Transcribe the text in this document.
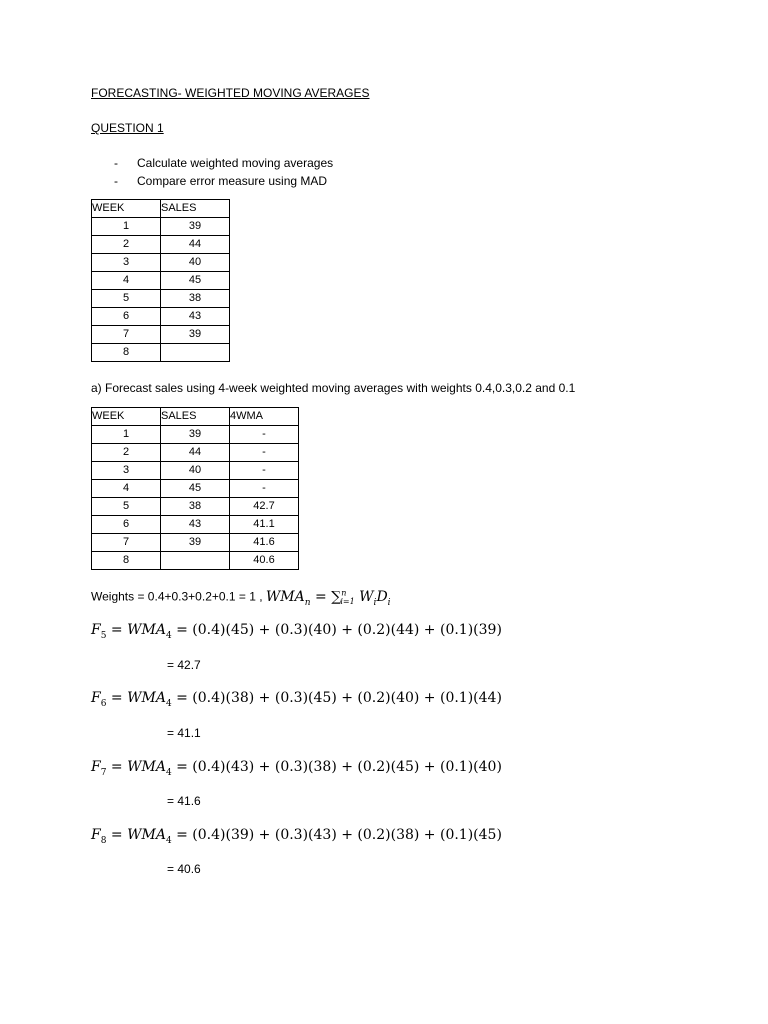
FORECASTING- WEIGHTED MOVING AVERAGES
QUESTION 1
- Calculate weighted moving averages
- Compare error measure using MAD
WEEK	SALES
1	39
2	44
3	40
4	45
5	38
6	43
7	39
8	
a) Forecast sales using 4-week weighted moving averages with weights 0.4,0.3,0.2 and 0.1
WEEK	SALES	4WMA
1	39	-
2	44	-
3	40	-
4	45	-
5	38	42.7
6	43	41.1
7	39	41.6
8		40.6
Weights = 0.4+0.3+0.2+0.1 = 1 , $WMA_n = \sum^n_{i=1}$ $W_iD_i$
$F_5 = WMA_4 = (0.4)(45) + (0.3)(40) + (0.2)(44) + (0.1)(39)$
= 42.7
$F_6 = WMA_4 = (0.4)(38) + (0.3)(45) + (0.2)(40) + (0.1)(44)$
= 41.1
$F_7 = WMA_4 = (0.4)(43) + (0.3)(38) + (0.2)(45) + (0.1)(40)$
= 41.6
$F_8 = WMA_4 = (0.4)(39) + (0.3)(43) + (0.2)(38) + (0.1)(45)$
= 40.6
